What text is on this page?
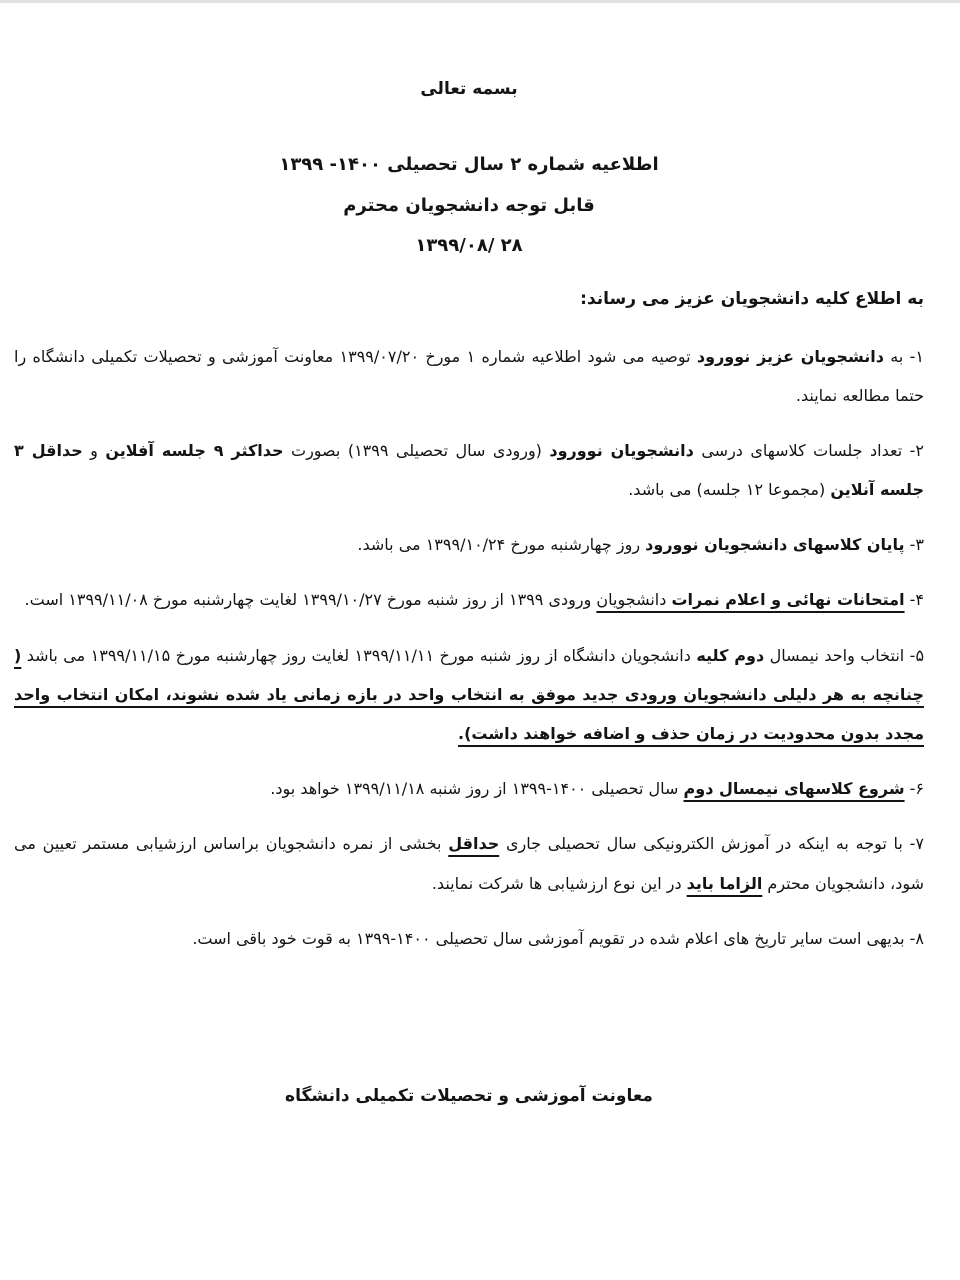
بسمه تعالی
اطلاعیه شماره ۲ سال تحصیلی ۱۴۰۰- ۱۳۹۹
قابل توجه دانشجویان محترم
۲۸ /۱۳۹۹/۰۸
به اطلاع کلیه دانشجویان عزیز می رساند:

۱- به دانشجویان عزیز نوورود توصیه می شود اطلاعیه شماره ۱ مورخ ۱۳۹۹/۰۷/۲۰ معاونت آموزشی و تحصیلات تکمیلی دانشگاه را حتما مطالعه نمایند.

۲- تعداد جلسات کلاسهای درسی دانشجویان نوورود (ورودی سال تحصیلی ۱۳۹۹) بصورت حداکثر ۹ جلسه آفلاین و حداقل ۳ جلسه آنلاین (مجموعا ۱۲ جلسه) می باشد.

۳- پایان کلاسهای دانشجویان نوورود روز چهارشنبه مورخ ۱۳۹۹/۱۰/۲۴ می باشد.

۴- امتحانات نهائی و اعلام نمرات دانشجویان ورودی ۱۳۹۹ از روز شنبه مورخ ۱۳۹۹/۱۰/۲۷ لغایت چهارشنبه مورخ ۱۳۹۹/۱۱/۰۸ است.

۵- انتخاب واحد نیمسال دوم کلیه دانشجویان دانشگاه از روز شنبه مورخ ۱۳۹۹/۱۱/۱۱ لغایت روز چهارشنبه مورخ ۱۳۹۹/۱۱/۱۵ می باشد ( چنانچه به هر دلیلی دانشجویان ورودی جدید موفق به انتخاب واحد در بازه زمانی یاد شده نشوند، امکان انتخاب واحد مجدد بدون محدودیت در زمان حذف و اضافه خواهند داشت).

۶- شروع کلاسهای نیمسال دوم سال تحصیلی ۱۴۰۰-۱۳۹۹ از روز شنبه ۱۳۹۹/۱۱/۱۸ خواهد بود.

۷- با توجه به اینکه در آموزش الکترونیکی سال تحصیلی جاری حداقل بخشی از نمره دانشجویان براساس ارزشیابی مستمر تعیین می شود، دانشجویان محترم الزاما باید در این نوع ارزشیابی ها شرکت نمایند.

۸- بدیهی است سایر تاریخ های اعلام شده در تقویم آموزشی سال تحصیلی ۱۴۰۰-۱۳۹۹ به قوت خود باقی است.

معاونت آموزشی و تحصیلات تکمیلی دانشگاه
